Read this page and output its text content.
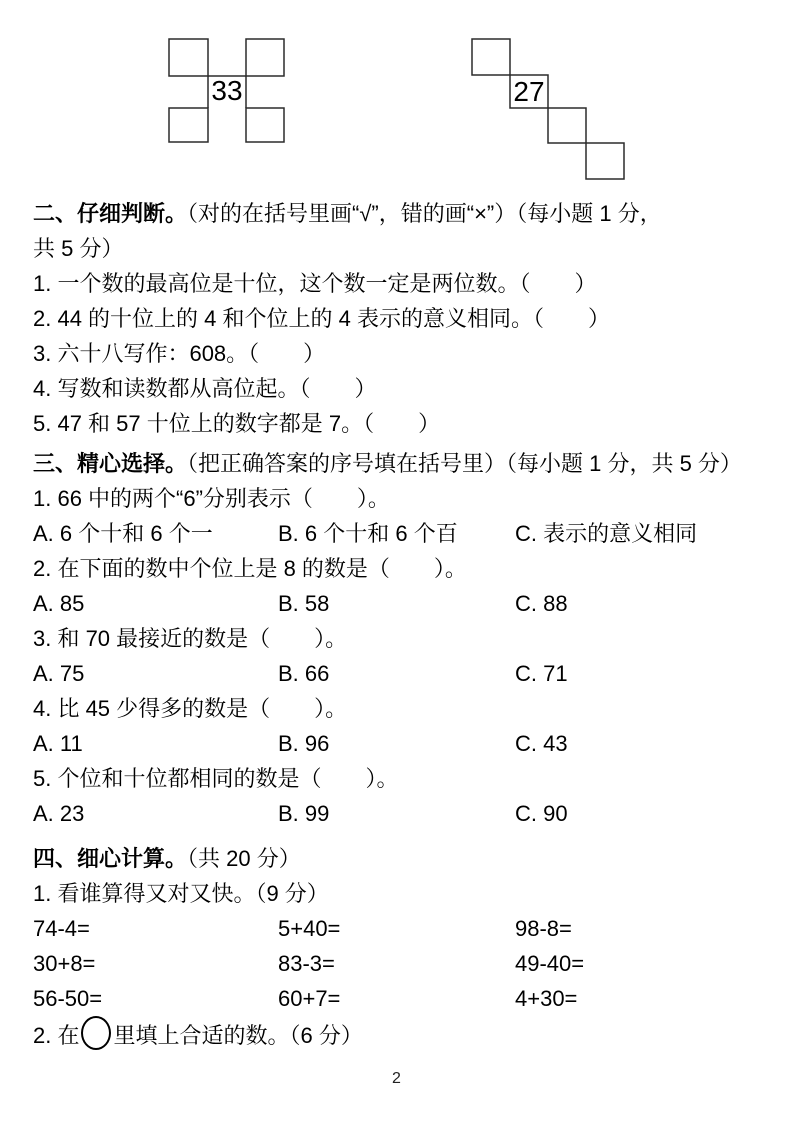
33	27
二、仔细判断。（对的在括号里画“√”，错的画“×”）（每小题 1 分，
共 5 分）
1. 一个数的最高位是十位，这个数一定是两位数。（　　）
2. 44 的十位上的 4 和个位上的 4 表示的意义相同。（　　）
3. 六十八写作：608。（　　）
4. 写数和读数都从高位起。（　　）
5. 47 和 57 十位上的数字都是 7。（　　）
三、精心选择。（把正确答案的序号填在括号里）（每小题 1 分，共 5 分）
1. 66 中的两个“6”分别表示（　　）。
A. 6 个十和 6 个一	B. 6 个十和 6 个百	C. 表示的意义相同
2. 在下面的数中个位上是 8 的数是（　　）。
A. 85	B. 58	C. 88
3. 和 70 最接近的数是（　　）。
A. 75	B. 66	C. 71
4. 比 45 少得多的数是（　　）。
A. 11	B. 96	C. 43
5. 个位和十位都相同的数是（　　）。
A. 23	B. 99	C. 90
四、细心计算。（共 20 分）
1. 看谁算得又对又快。（9 分）
74-4=	5+40=	98-8=
30+8=	83-3=	49-40=
56-50=	60+7=	4+30=
2. 在 里填上合适的数。（6 分）
2
